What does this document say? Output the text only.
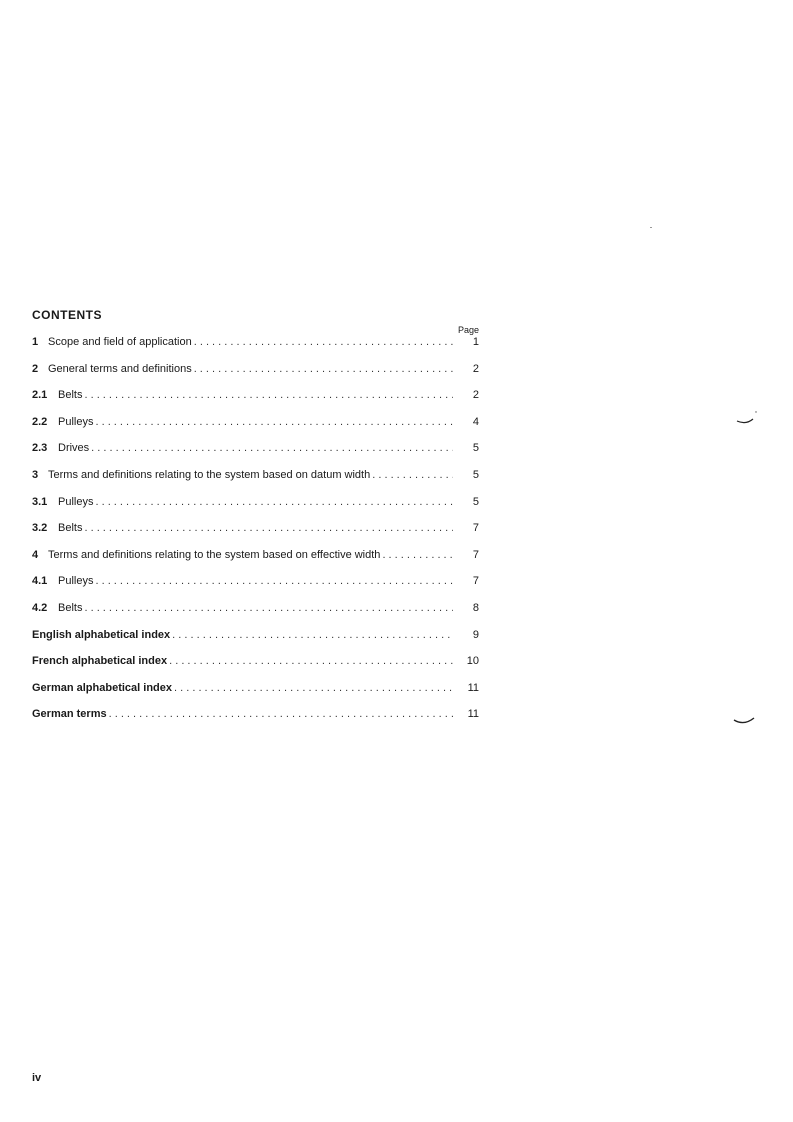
CONTENTS
Page
1 Scope and field of application . . .	1
2 General terms and definitions . . .	2
2.1 Belts . . .	2
2.2 Pulleys . . .	4
2.3 Drives . . .	5
3 Terms and definitions relating to the system based on datum width . . .	5
3.1 Pulleys . . .	5
3.2 Belts . . .	7
4 Terms and definitions relating to the system based on effective width . . .	7
4.1 Pulleys . . .	7
4.2 Belts . . .	8
English alphabetical index . . .	9
French alphabetical index . . .	10
German alphabetical index . . .	11
German terms . . .	11
iv
